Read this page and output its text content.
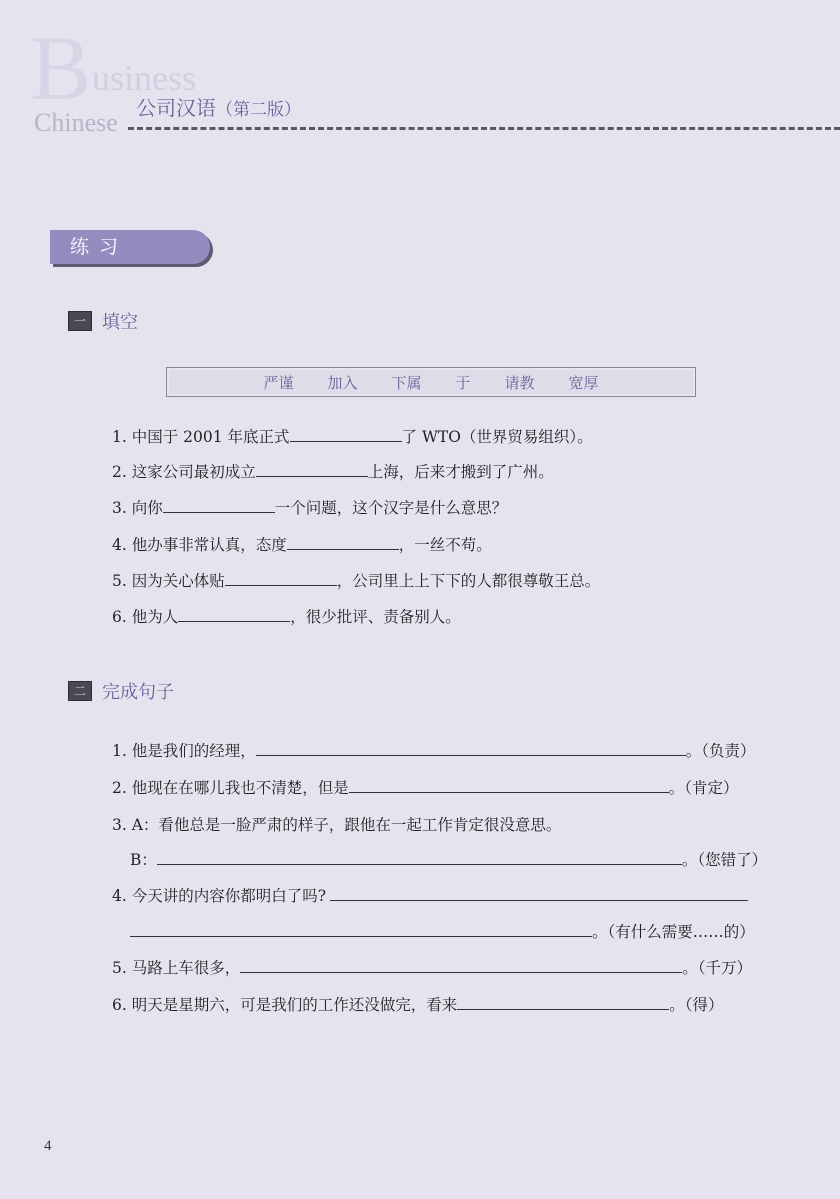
B usiness
Chinese 公司汉语（第二版）
练习
一 填空
严谨 加入 下属 于 请教 宽厚
1. 中国于 2001 年底正式	了 WTO（世界贸易组织）。
2. 这家公司最初成立	上海，后来才搬到了广州。
3. 向你	一个问题，这个汉字是什么意思？
4. 他办事非常认真，态度	，一丝不苟。
5. 因为关心体贴	，公司里上上下下的人都很尊敬王总。
6. 他为人	，很少批评、责备别人。
二 完成句子
1. 他是我们的经理，	。（负责）
2. 他现在在哪儿我也不清楚，但是	。（肯定）
3. A：看他总是一脸严肃的样子，跟他在一起工作肯定很没意思。
B：	。（您错了）
4. 今天讲的内容你都明白了吗?
。（有什么需要……的）
5. 马路上车很多，	。（千万）
6. 明天是星期六，可是我们的工作还没做完，看来	。（得）
4
